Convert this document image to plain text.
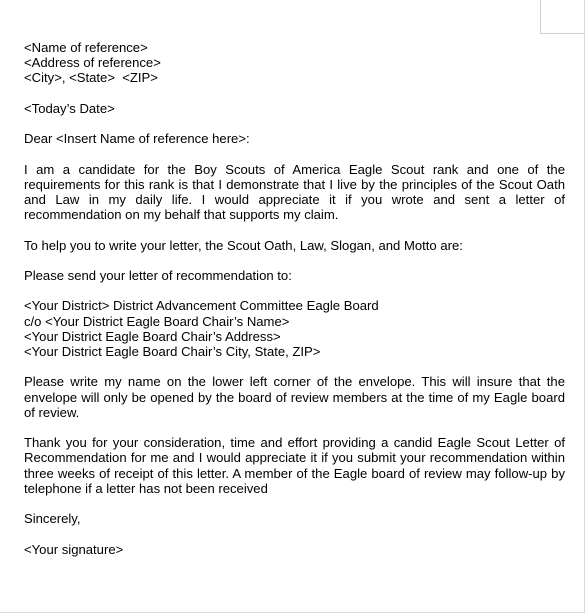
<Name of reference>
<Address of reference>
<City>, <State>  <ZIP>
<Today’s Date>
Dear <Insert Name of reference here>:

I am a candidate for the Boy Scouts of America Eagle Scout rank and one of the requirements for this rank is that I demonstrate that I live by the principles of the Scout Oath and Law in my daily life. I would appreciate it if you wrote and sent a letter of recommendation on my behalf that supports my claim.

To help you to write your letter, the Scout Oath, Law, Slogan, and Motto are:

Please send your letter of recommendation to:

<Your District> District Advancement Committee Eagle Board
c/o <Your District Eagle Board Chair’s Name>
<Your District Eagle Board Chair’s Address>
<Your District Eagle Board Chair’s City, State, ZIP>

Please write my name on the lower left corner of the envelope. This will insure that the envelope will only be opened by the board of review members at the time of my Eagle board of review.

Thank you for your consideration, time and effort providing a candid Eagle Scout Letter of Recommendation for me and I would appreciate it if you submit your recommendation within three weeks of receipt of this letter. A member of the Eagle board of review may follow-up by telephone if a letter has not been received

Sincerely,
<Your signature>
